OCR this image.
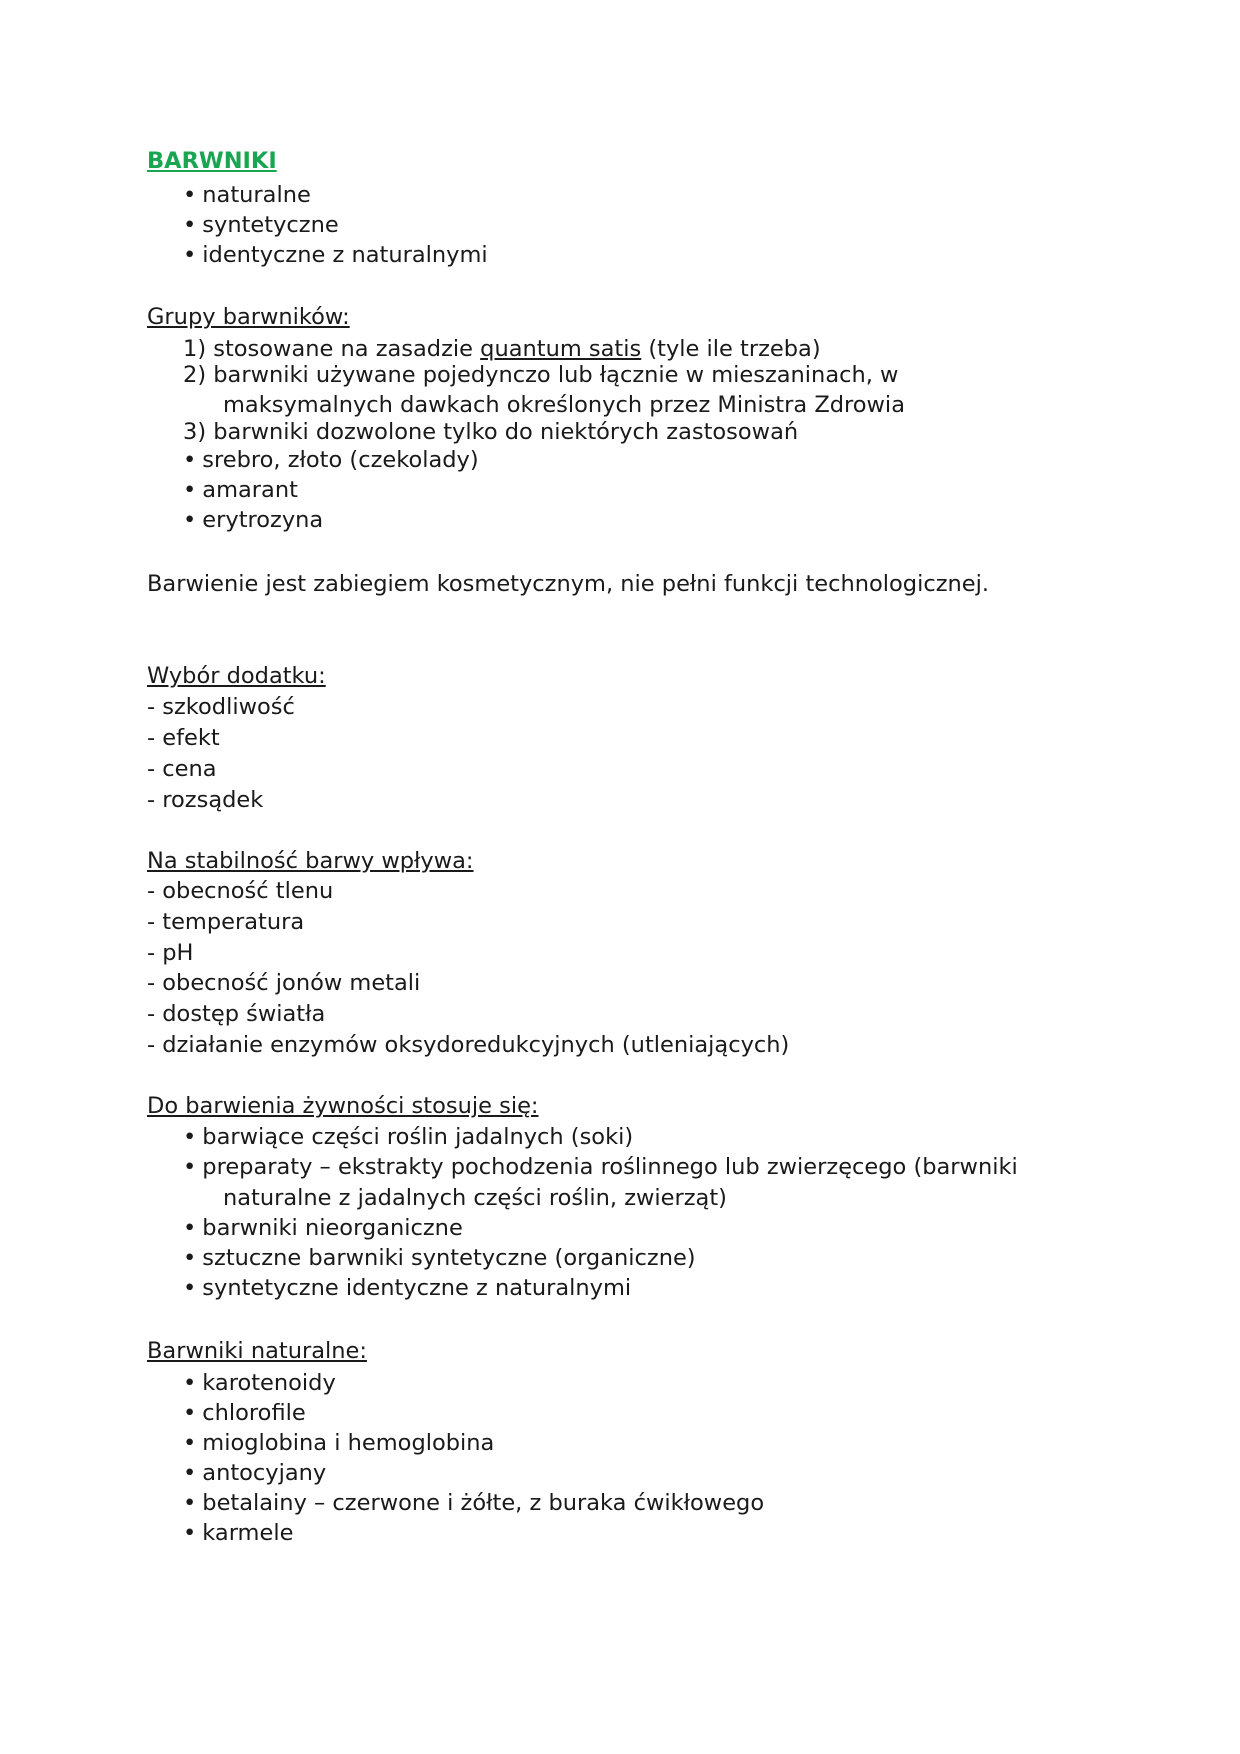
BARWNIKI
• naturalne
• syntetyczne
• identyczne z naturalnymi
Grupy barwników:
1) stosowane na zasadzie quantum satis (tyle ile trzeba)
2) barwniki używane pojedynczo lub łącznie w mieszaninach, w
maksymalnych dawkach określonych przez Ministra Zdrowia
3) barwniki dozwolone tylko do niektórych zastosowań
• srebro, złoto (czekolady)
• amarant
• erytrozyna
Barwienie jest zabiegiem kosmetycznym, nie pełni funkcji technologicznej.
Wybór dodatku:
- szkodliwość
- efekt
- cena
- rozsądek
Na stabilność barwy wpływa:
- obecność tlenu
- temperatura
- pH
- obecność jonów metali
- dostęp światła
- działanie enzymów oksydoredukcyjnych (utleniających)
Do barwienia żywności stosuje się:
• barwiące części roślin jadalnych (soki)
• preparaty – ekstrakty pochodzenia roślinnego lub zwierzęcego (barwniki
naturalne z jadalnych części roślin, zwierząt)
• barwniki nieorganiczne
• sztuczne barwniki syntetyczne (organiczne)
• syntetyczne identyczne z naturalnymi
Barwniki naturalne:
• karotenoidy
• chlorofile
• mioglobina i hemoglobina
• antocyjany
• betalainy – czerwone i żółte, z buraka ćwikłowego
• karmele
